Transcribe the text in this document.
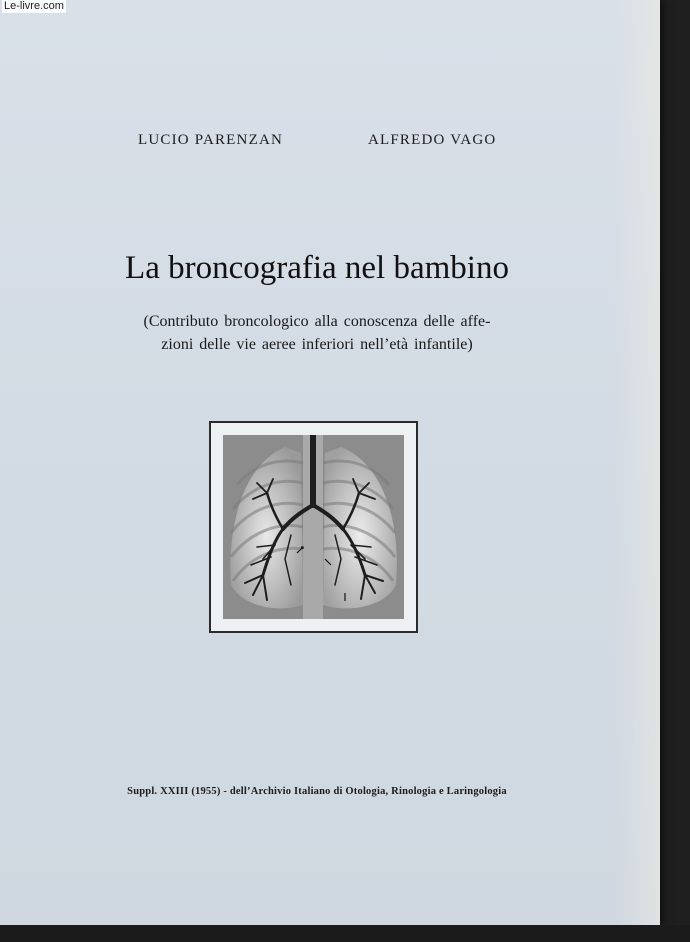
Le-livre.com
LUCIO PARENZAN	ALFREDO VAGO
La broncografia nel bambino
(Contributo broncologico alla conoscenza delle affe-
zioni delle vie aeree inferiori nell’età infantile)
Suppl. XXIII (1955) - dell’Archivio Italiano di Otologia, Rinologia e Laringologia
